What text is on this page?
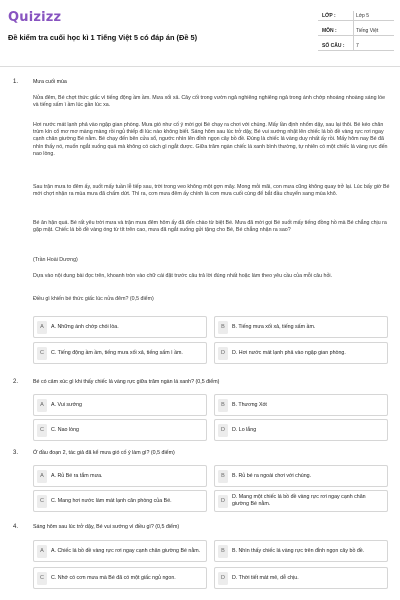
Quizizz
Đề kiểm tra cuối học kì 1 Tiếng Việt 5 có đáp án (Đề 5)
LỚP :	Lớp 5
MÔN :	Tiếng Việt
SỐ CÂU : 7
1.	Mưa cuối mùa
Nửa đêm, Bé chợt thức giấc vì tiếng động ầm ầm. Mưa xối xả. Cây cối trong vườn ngả nghiêng nghiêng ngả trong ánh chớp nhoáng nhoàng sáng lóe và tiếng sấm ì ầm lúc gần lúc xa.
Hơi nước mát lạnh phả vào ngập gian phòng. Mưa gió như cố ý mời gọi Bé chạy ra chơi với chúng. Mấy lần định nhổm dậy, sau lại thôi. Bé kéo chăn trùm kín cổ mơ mơ màng màng rồi ngủ thiếp đi lúc nào không biết. Sáng hôm sau lúc trở dậy, Bé vui sướng nhặt lên chiếc lá bồ đề vàng rực rơi ngay cạnh chân giường Bé nằm. Bé chạy đến bên cửa sổ, ngước nhìn lên đỉnh ngọn cây bồ đề. Đúng là chiếc lá vàng duy nhất ấy rồi. Mấy hôm nay Bé đã nhìn thấy nó, muốn ngắt xuống quá mà không có cách gì ngắt được. Giữa trăm ngàn chiếc lá xanh bình thường, tự nhiên có một chiếc lá vàng rực đến nao lòng.
Sau trận mưa to đêm ấy, suốt mấy tuần lễ tiếp sau, trời trong veo không một gợn mây. Mong mỏi mãi, con mưa cũng không quay trở lại. Lúc bấy giờ Bé mới chợt nhận ra mùa mưa đã chấm dứt. Thì ra, cơn mưa đêm ấy chính là cơn mưa cuối cùng để bắt đầu chuyển sang mùa khô.
Bé ân hận quá. Bé rất yêu trời mưa và trận mưa đêm hôm ấy đã đến chào từ biệt Bé. Mưa đã mời gọi Bé suốt mấy tiếng đồng hồ mà Bé chẳng chịu ra gặp mặt. Chiếc lá bồ đề vàng óng từ tít trên cao, mưa đã ngắt xuống gửi tặng cho Bé, Bé chẳng nhận ra sao?
(Trần Hoài Dương)
Dựa vào nội dung bài đọc trên, khoanh tròn vào chữ cái đặt trước câu trả lời đúng nhất hoặc làm theo yêu cầu của mỗi câu hỏi.
Điều gì khiến bé thức giấc lúc nửa đêm? (0,5 điểm)
A	A. Những ánh chớp chói lòa.	B	B. Tiếng mưa xối xả, tiếng sấm ầm.
C	C. Tiếng động ầm ầm, tiếng mưa xối xả, tiếng sấm ì ầm.	D	D. Hơi nước mát lạnh phả vào ngập gian phòng.
2.	Bé có cảm xúc gì khi thấy chiếc lá vàng rực giữa trăm ngàn lá xanh? (0,5 điểm)
A	A. Vui sướng	B	B. Thương Xót
C	C. Nao lòng	D	D. Lo lắng
3.	Ở đầu đoạn 2, tác giả đã kể mưa gió cố ý làm gì? (0,5 điểm)
A	A. Rủ Bé ra tắm mưa.	B	B. Rủ bé ra ngoài chơi với chúng.
C	C. Mang hơi nước làm mát lạnh căn phòng của Bé.	D
D. Mang một chiếc lá bồ đề vàng rực rơi ngay cạnh chân giường Bé nằm.
4.	Sáng hôm sau lúc trở dậy, Bé vui sướng vì điều gì? (0,5 điểm)
A	A. Chiếc lá bồ đề vàng rực rơi ngay cạnh chân giường Bé nằm.	B	B. Nhìn thấy chiếc lá vàng rực trên đỉnh ngọn cây bồ đề.
C	C. Nhớ có cơn mưa mà Bé đã có một giấc ngủ ngon.	D	D. Thời tiết mát mẻ, dễ chịu.
